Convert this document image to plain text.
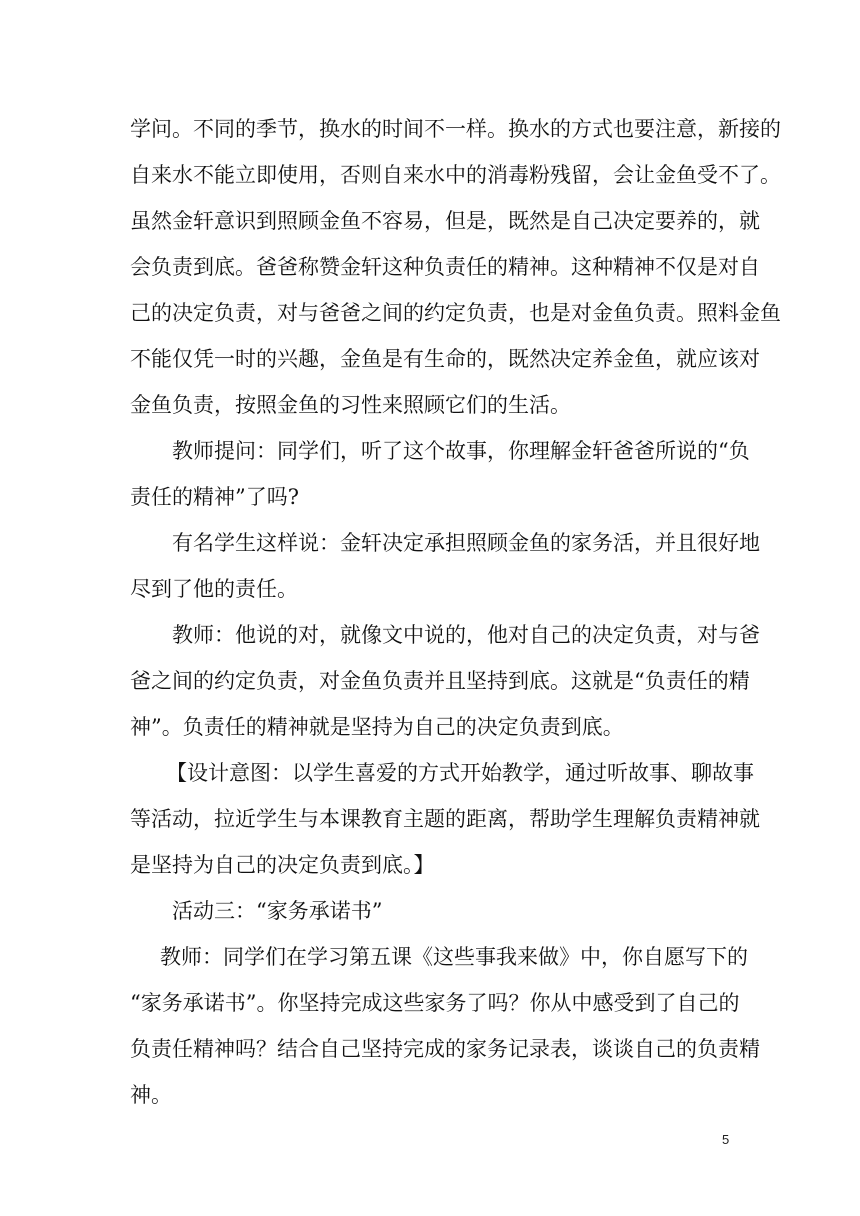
学问。不同的季节，换水的时间不一样。换水的方式也要注意，新接的
自来水不能立即使用，否则自来水中的消毒粉残留，会让金鱼受不了。
虽然金轩意识到照顾金鱼不容易，但是，既然是自己决定要养的，就
会负责到底。爸爸称赞金轩这种负责任的精神。这种精神不仅是对自
己的决定负责，对与爸爸之间的约定负责，也是对金鱼负责。照料金鱼
不能仅凭一时的兴趣，金鱼是有生命的，既然决定养金鱼，就应该对
金鱼负责，按照金鱼的习性来照顾它们的生活。

教师提问：同学们，听了这个故事，你理解金轩爸爸所说的“负
责任的精神”了吗?

有名学生这样说：金轩决定承担照顾金鱼的家务活，并且很好地
尽到了他的责任。

教师：他说的对，就像文中说的，他对自己的决定负责，对与爸
爸之间的约定负责，对金鱼负责并且坚持到底。这就是“负责任的精
神”。负责任的精神就是坚持为自己的决定负责到底。

【设计意图：以学生喜爱的方式开始教学，通过听故事、聊故事
等活动，拉近学生与本课教育主题的距离，帮助学生理解负责精神就
是坚持为自己的决定负责到底。】

活动三：“家务承诺书”

教师：同学们在学习第五课《这些事我来做》中，你自愿写下的
“家务承诺书”。你坚持完成这些家务了吗？你从中感受到了自己的
负责任精神吗？结合自己坚持完成的家务记录表，谈谈自己的负责精
神。

5
